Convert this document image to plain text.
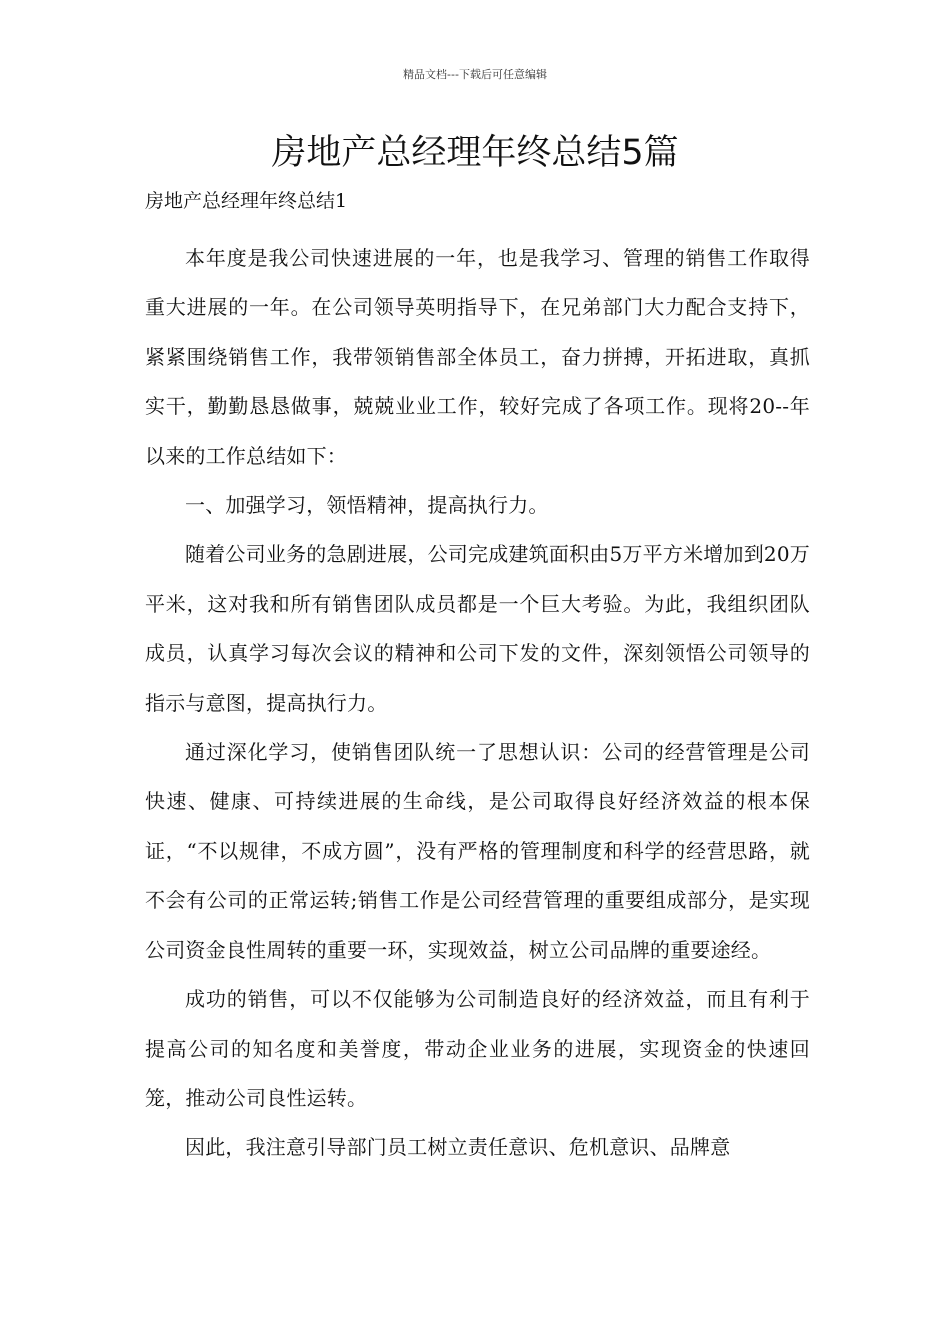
精品文档---下载后可任意编辑
房地产总经理年终总结5篇
房地产总经理年终总结1

本年度是我公司快速进展的一年，也是我学习、管理的销售工作取得重大进展的一年。在公司领导英明指导下，在兄弟部门大力配合支持下，紧紧围绕销售工作，我带领销售部全体员工，奋力拼搏，开拓进取，真抓实干，勤勤恳恳做事，兢兢业业工作，较好完成了各项工作。现将20--年以来的工作总结如下：

一、加强学习，领悟精神，提高执行力。

随着公司业务的急剧进展，公司完成建筑面积由5万平方米增加到20万平米，这对我和所有销售团队成员都是一个巨大考验。为此，我组织团队成员，认真学习每次会议的精神和公司下发的文件，深刻领悟公司领导的指示与意图，提高执行力。

通过深化学习，使销售团队统一了思想认识：公司的经营管理是公司快速、健康、可持续进展的生命线，是公司取得良好经济效益的根本保证，“不以规律，不成方圆”，没有严格的管理制度和科学的经营思路，就不会有公司的正常运转;销售工作是公司经营管理的重要组成部分，是实现公司资金良性周转的重要一环，实现效益，树立公司品牌的重要途经。

成功的销售，可以不仅能够为公司制造良好的经济效益，而且有利于提高公司的知名度和美誉度，带动企业业务的进展，实现资金的快速回笼，推动公司良性运转。

因此，我注意引导部门员工树立责任意识、危机意识、品牌意
